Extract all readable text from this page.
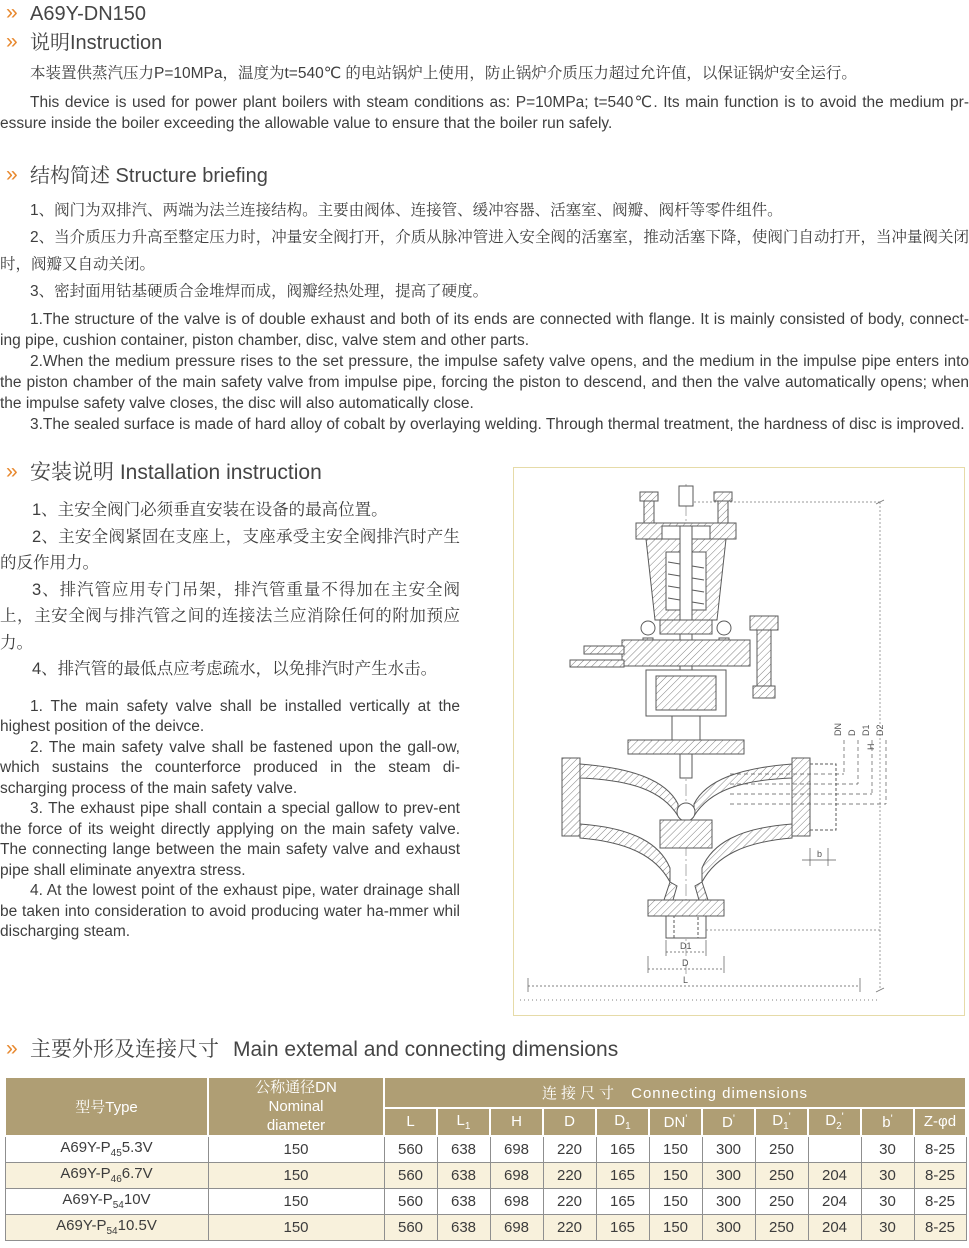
» A69Y-DN150
» 说明Instruction

本装置供蒸汽压力P=10MPa，温度为t=540℃ 的电站锅炉上使用，防止锅炉介质压力超过允许值，以保证锅炉安全运行。

This device is used for power plant boilers with steam conditions as: P=10MPa; t=540℃. Its main function is to avoid the medium pr-essure inside the boiler exceeding the allowable value to ensure that the boiler run safely.

» 结构简述 Structure briefing

1、阀门为双排汽、两端为法兰连接结构。主要由阀体、连接管、缓冲容器、活塞室、阀瓣、阀杆等零件组件。

2、当介质压力升高至整定压力时，冲量安全阀打开，介质从脉冲管进入安全阀的活塞室，推动活塞下降，使阀门自动打开，当冲量阀关闭时，阀瓣又自动关闭。

3、密封面用钴基硬质合金堆焊而成，阀瓣经热处理，提高了硬度。

1.The structure of the valve is of double exhaust and both of its ends are connected with flange. It is mainly consisted of body, connect-ing pipe, cushion container, piston chamber, disc, valve stem and other parts.

2.When the medium pressure rises to the set pressure, the impulse safety valve opens, and the medium in the impulse pipe enters into the piston chamber of the main safety valve from impulse pipe, forcing the piston to descend, and then the valve automatically opens; when the impulse safety valve closes, the disc will also automatically close.

3.The sealed surface is made of hard alloy of cobalt by overlaying welding. Through thermal treatment, the hardness of disc is improved.

» 安装说明 Installation instruction

1、主安全阀门必须垂直安装在设备的最高位置。

2、主安全阀紧固在支座上，支座承受主安全阀排汽时产生的反作用力。

3、排汽管应用专门吊架，排汽管重量不得加在主安全阀上，主安全阀与排汽管之间的连接法兰应消除任何的附加预应力。

4、排汽管的最低点应考虑疏水，以免排汽时产生水击。

1. The main safety valve shall be installed vertically at the highest position of the deivce.

2. The main safety valve shall be fastened upon the gall-ow, which sustains the counterforce produced in the steam di-scharging process of the main safety valve.

3. The exhaust pipe shall contain a special gallow to prev-ent the force of its weight directly applying on the main safety valve. The connecting lange between the main safety valve and exhaust pipe shall eliminate anyextra stress.

4. At the lowest point of the exhaust pipe, water drainage shall be taken into consideration to avoid producing water ha-mmer whil discharging steam.

H
DN D D1 D2
b
D1
D
L
» 主要外形及连接尺寸 Main extemal and connecting dimensions
型号Type	公称通径DN
Nominal
diameter	连接尺寸 Connecting dimensions										
		L	$L_1$	H	D	$D_1$	DN'	D'	$D_1'$	$D_2'$	b'	Z-φd
$A69Y-P_{45}5.3V$	150	560	638	698	220	165	150	300	250		30	8-25
$A69Y-P_{46}6.7V$	150	560	638	698	220	165	150	300	250	204	30	8-25
$A69Y-P_{54}10V$	150	560	638	698	220	165	150	300	250	204	30	8-25
$A69Y-P_{54}10.5V$	150	560	638	698	220	165	150	300	250	204	30	8-25
